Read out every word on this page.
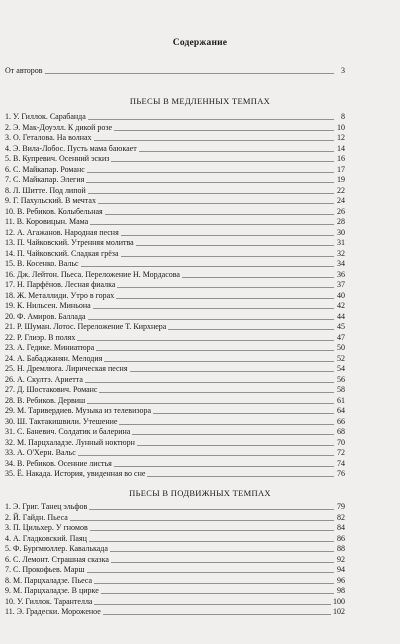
Содержание
От авторов	3
ПЬЕСЫ В МЕДЛЕННЫХ ТЕМПАХ
1. У. Гиллок. Сарабанда	8
2. Э. Мак-Доуэлл. К дикой розе	10
3. О. Геталова. На волнах	12
4. Э. Вила-Лобос. Пусть мама баюкает	14
5. В. Купревич. Осенний эскиз	16
6. С. Майкапар. Романс	17
7. С. Майкапар. Элегия	19
8. Л. Шитте. Под липой	22
9. Г. Пахульский. В мечтах	24
10. В. Ребиков. Колыбельная	26
11. В. Коровицын. Мама	28
12. А. Агажанов. Народная песня	30
13. П. Чайковский. Утренняя молитва	31
14. П. Чайковский. Сладкая грёза	32
15. В. Косенко. Вальс	34
16. Дж. Лейтон. Пьеса. Переложение Н. Мордасова	36
17. Н. Парфёнов. Лесная фиалка	37
18. Ж. Металлиди. Утро в горах	40
19. К. Нильсен. Миньона	42
20. Ф. Амиров. Баллада	44
21. Р. Шуман. Лотос. Переложение Т. Кирхнера	45
22. Р. Глиэр. В полях	47
23. А. Гедике. Миниатюра	50
24. А. Бабаджанян. Мелодия	52
25. Н. Дремлюга. Лирическая песня	54
26. А. Скултэ. Ариетта	56
27. Д. Шостакович. Романс	58
28. В. Ребиков. Дервиш	61
29. М. Таривердиев. Музыка из телевизора	64
30. Ш. Тактакишвили. Утешение	66
31. С. Баневич. Солдатик и балерина	68
32. М. Парцхаладзе. Лунный ноктюрн	70
33. А. О'Херн. Вальс	72
34. В. Ребиков. Осенние листья	74
35. Ё. Накада. История, увиденная во сне	76
ПЬЕСЫ В ПОДВИЖНЫХ ТЕМПАХ
1. Э. Григ. Танец эльфов	79
2. Й. Гайдн. Пьеса	82
3. П. Цильхер. У гномов	84
4. А. Гладковский. Паяц	86
5. Ф. Бургмюллер. Кавалькада	88
6. С. Лемонт. Страшная сказка	92
7. С. Прокофьев. Марш	94
8. М. Парцхаладзе. Пьеса	96
9. М. Парцхаладзе. В цирке	98
10. У. Гиллок. Тарантелла	100
11. Э. Градески. Мороженое	102
